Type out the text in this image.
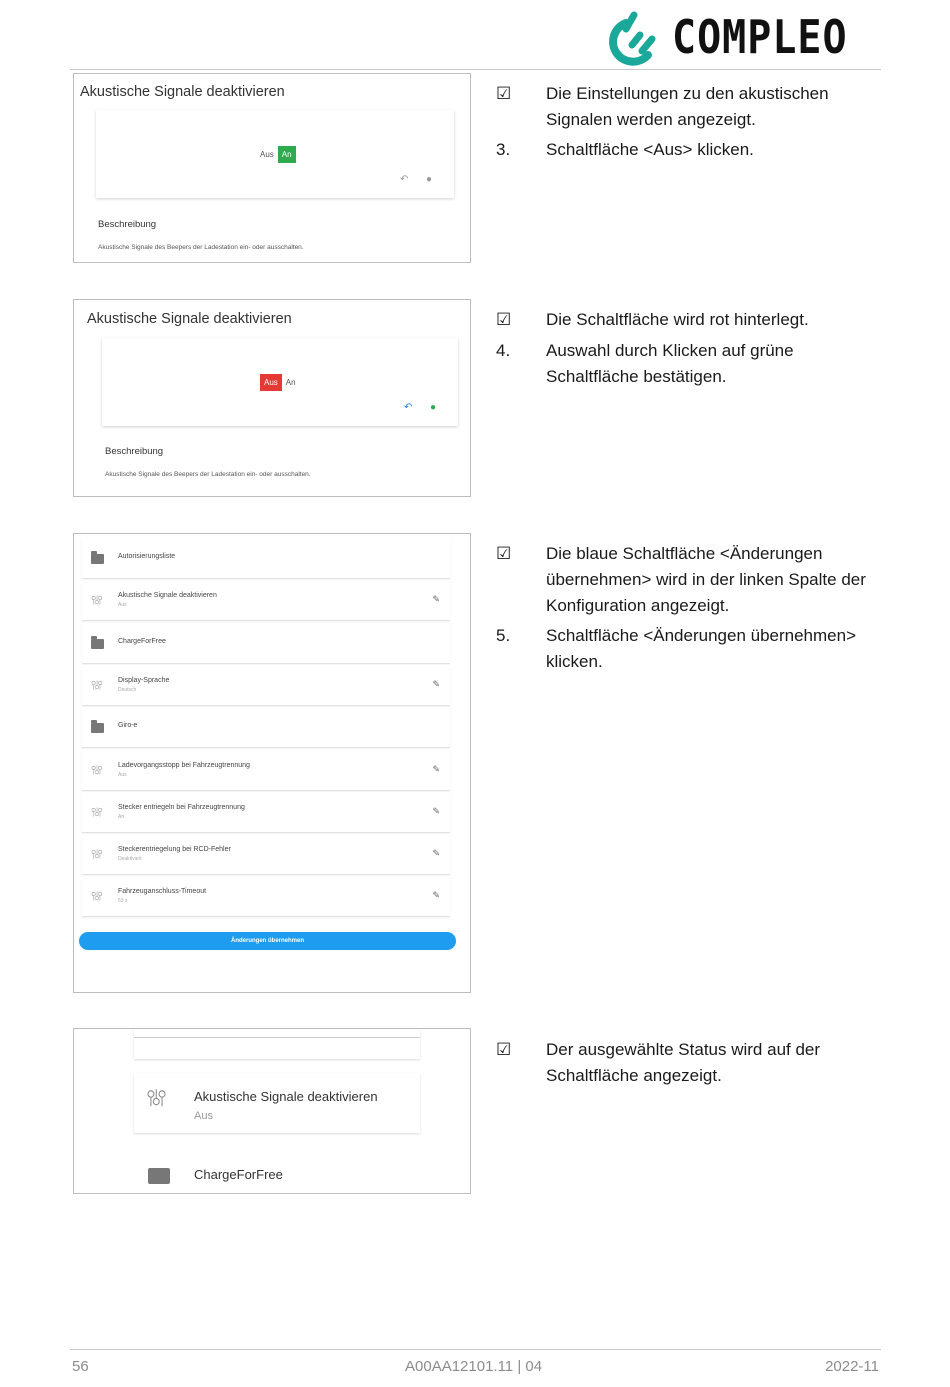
COMPLEO
Akustische Signale deaktivieren
Aus	An
↶ ●
Beschreibung
Akustische Signale des Beepers der Ladestation ein- oder ausschalten.
Akustische Signale deaktivieren
Aus	An
↶ ●
Beschreibung
Akustische Signale des Beepers der Ladestation ein- oder ausschalten.
Autorisierungsliste
⫯⫰⫯ Akustische Signale deaktivieren
Aus
✎
ChargeForFree
⫯⫰⫯ Display-Sprache
Deutsch
✎
Giro-e
⫯⫰⫯ Ladevorgangsstopp bei Fahrzeugtrennung
Aus
✎
⫯⫰⫯ Stecker entriegeln bei Fahrzeugtrennung
An
✎
⫯⫰⫯ Steckerentriegelung bei RCD-Fehler
Deaktiviert
✎
⫯⫰⫯ Fahrzeuganschluss-Timeout
53 s
✎
Änderungen übernehmen
⫯⫰⫯ Akustische Signale deaktivieren
Aus
ChargeForFree
☑	Die Einstellungen zu den akustischen Signalen werden angezeigt.
3.	Schaltfläche <Aus> klicken.
☑	Die Schaltfläche wird rot hinterlegt.
4.	Auswahl durch Klicken auf grüne Schaltfläche bestätigen.
☑	Die blaue Schaltfläche <Änderungen übernehmen> wird in der linken Spalte der Konfiguration angezeigt.
5.	Schaltfläche <Änderungen übernehmen> klicken.
☑	Der ausgewählte Status wird auf der Schaltfläche angezeigt.
56	A00AA12101.11 | 04	2022-11
